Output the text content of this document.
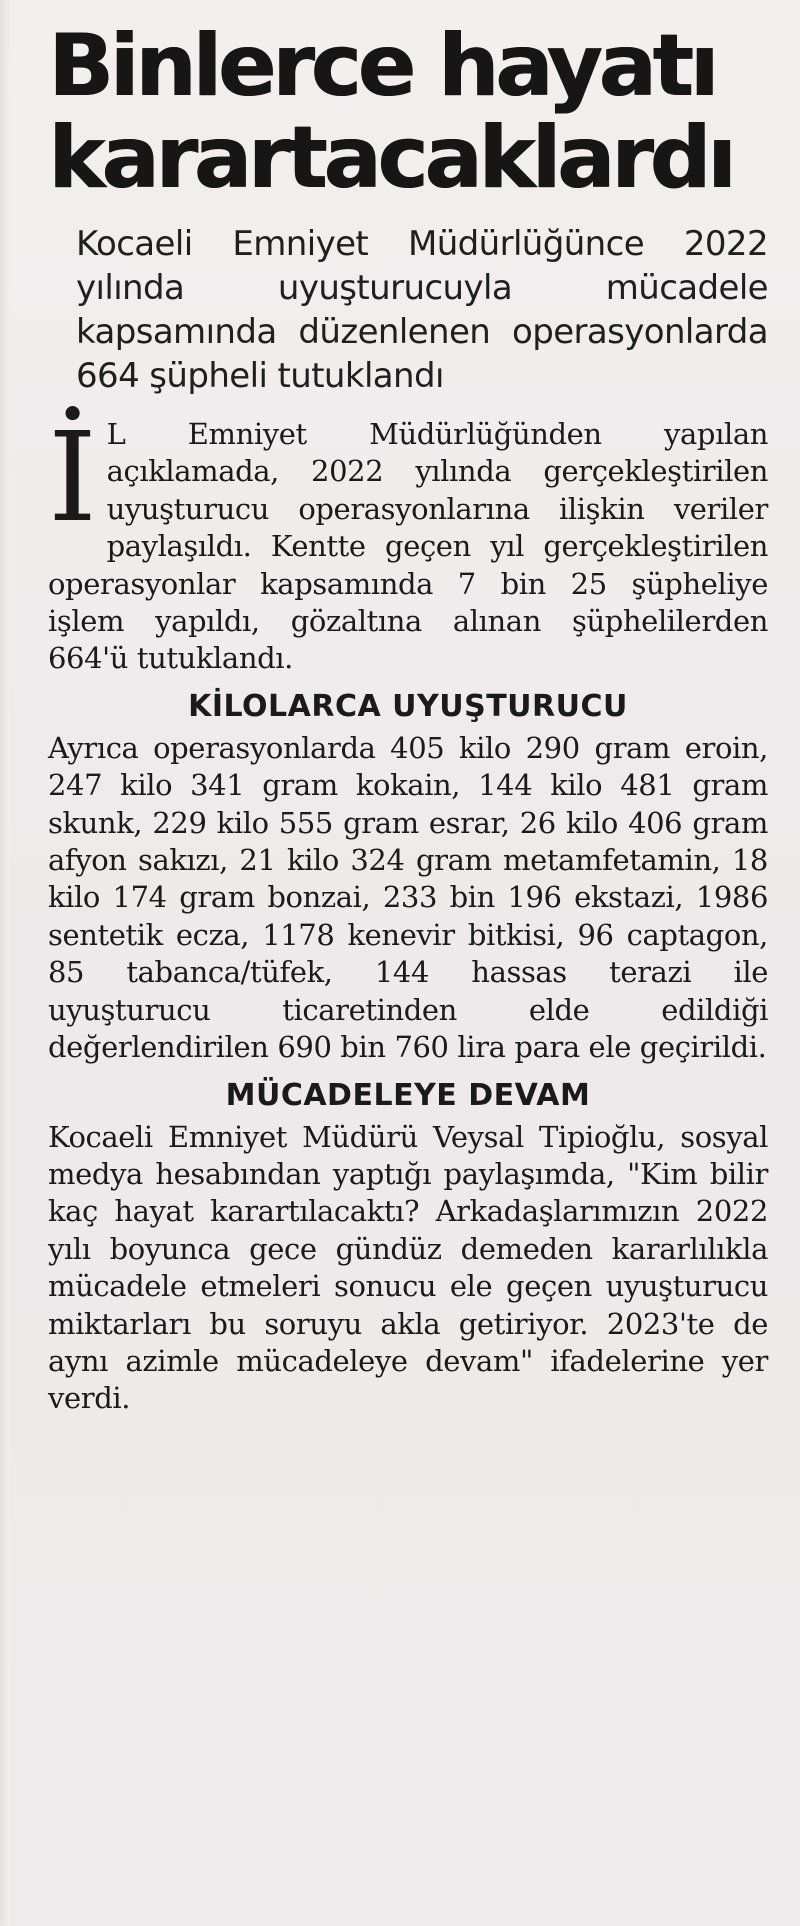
Binlerce hayatı karartacaklardı

Kocaeli Emniyet Müdürlüğünce 2022 yılında uyuşturucuyla mücadele kapsamında düzenlenen operasyonlarda 664 şüpheli tutuklandı

İ L Emniyet Müdürlüğünden yapılan açıklamada, 2022 yılında gerçekleştirilen uyuşturucu operasyonlarına ilişkin veriler paylaşıldı. Kentte geçen yıl gerçekleştirilen operasyonlar kapsamında 7 bin 25 şüpheliye işlem yapıldı, gözaltına alınan şüphelilerden 664'ü tutuklandı.

KİLOLARCA UYUŞTURUCU

Ayrıca operasyonlarda 405 kilo 290 gram eroin, 247 kilo 341 gram kokain, 144 kilo 481 gram skunk, 229 kilo 555 gram esrar, 26 kilo 406 gram afyon sakızı, 21 kilo 324 gram metamfetamin, 18 kilo 174 gram bonzai, 233 bin 196 ekstazi, 1986 sentetik ecza, 1178 kenevir bitkisi, 96 captagon, 85 tabanca/tüfek, 144 hassas terazi ile uyuşturucu ticaretinden elde edildiği değerlendirilen 690 bin 760 lira para ele geçirildi.

MÜCADELEYE DEVAM

Kocaeli Emniyet Müdürü Veysal Tipioğlu, sosyal medya hesabından yaptığı paylaşımda, "Kim bilir kaç hayat karartılacaktı? Arkadaşlarımızın 2022 yılı boyunca gece gündüz demeden kararlılıkla mücadele etmeleri sonucu ele geçen uyuşturucu miktarları bu soruyu akla getiriyor. 2023'te de aynı azimle mücadeleye devam" ifadelerine yer verdi.
